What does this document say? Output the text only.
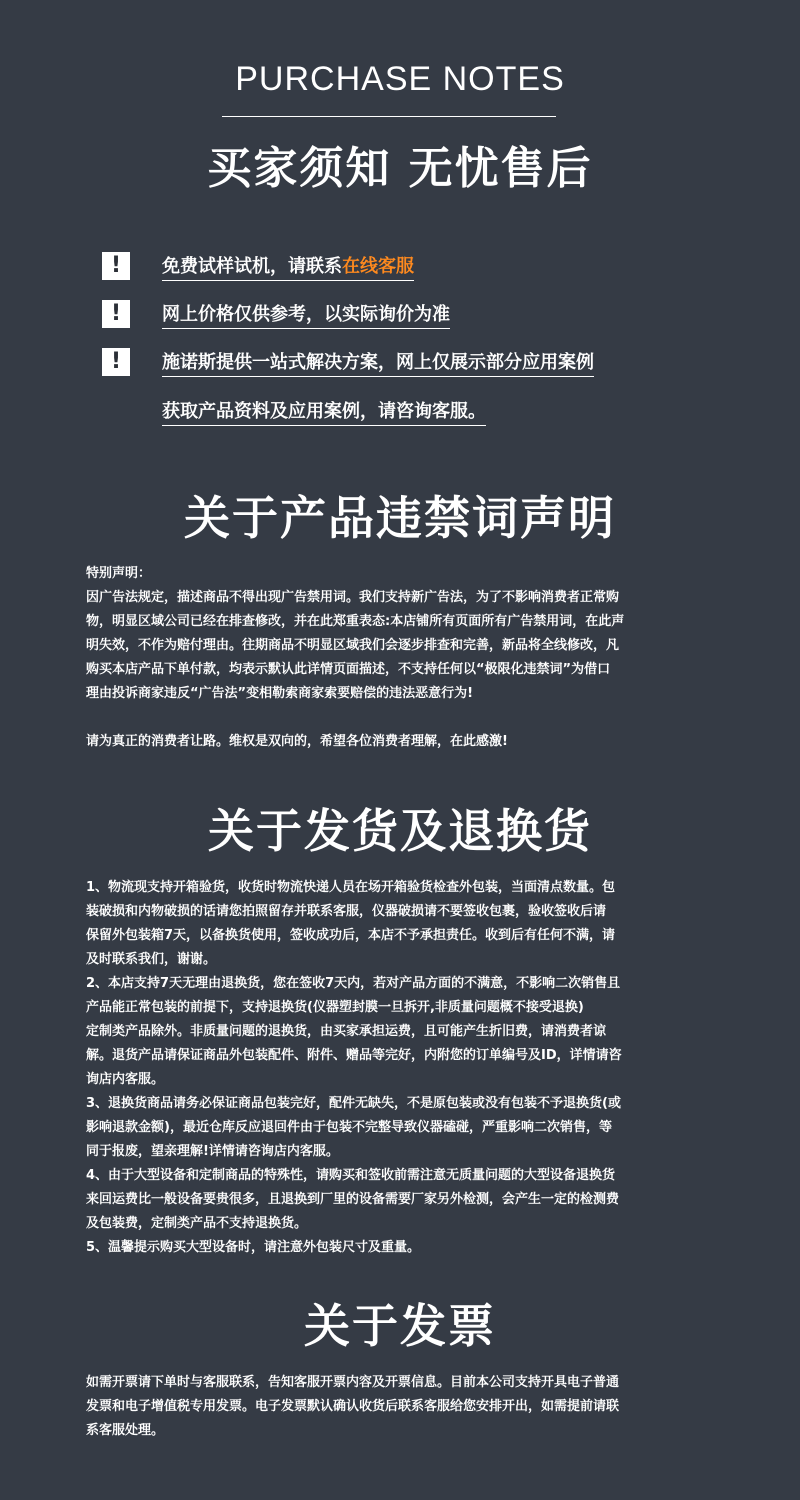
PURCHASE NOTES
买家须知 无忧售后
!	免费试样试机，请联系在线客服
!	网上价格仅供参考，以实际询价为准
!	施诺斯提供一站式解决方案，网上仅展示部分应用案例
获取产品资料及应用案例，请咨询客服。
关于产品违禁词声明

特别声明：

因广告法规定，描述商品不得出现广告禁用词。我们支持新广告法，为了不影响消费者正常购

物，明显区域公司已经在排查修改，并在此郑重表态:本店铺所有页面所有广告禁用词，在此声

明失效，不作为赔付理由。往期商品不明显区域我们会逐步排查和完善，新品将全线修改，凡

购买本店产品下单付款，均表示默认此详情页面描述，不支持任何以“极限化违禁词”为借口

理由投诉商家违反“广告法”变相勒索商家索要赔偿的违法恶意行为!

请为真正的消费者让路。维权是双向的，希望各位消费者理解，在此感激!
关于发货及退换货

1、物流现支持开箱验货，收货时物流快递人员在场开箱验货检查外包装，当面清点数量。包

装破损和内物破损的话请您拍照留存并联系客服，仪器破损请不要签收包裹，验收签收后请

保留外包装箱7天，以备换货使用，签收成功后，本店不予承担责任。收到后有任何不满，请

及时联系我们，谢谢。

2、本店支持7天无理由退换货，您在签收7天内，若对产品方面的不满意，不影响二次销售且

产品能正常包装的前提下，支持退换货(仪器塑封膜一旦拆开,非质量问题概不接受退换)

定制类产品除外。非质量问题的退换货，由买家承担运费，且可能产生折旧费，请消费者谅

解。退货产品请保证商品外包装配件、附件、赠品等完好，内附您的订单编号及ID，详情请咨

询店内客服。

3、退换货商品请务必保证商品包装完好，配件无缺失，不是原包装或没有包装不予退换货(或

影响退款金额)，最近仓库反应退回件由于包装不完整导致仪器磕碰，严重影响二次销售，等

同于报废，望亲理解!详情请咨询店内客服。

4、由于大型设备和定制商品的特殊性，请购买和签收前需注意无质量问题的大型设备退换货

来回运费比一般设备要贵很多，且退换到厂里的设备需要厂家另外检测，会产生一定的检测费

及包装费，定制类产品不支持退换货。

5、温馨提示购买大型设备时，请注意外包装尺寸及重量。

关于发票

如需开票请下单时与客服联系，告知客服开票内容及开票信息。目前本公司支持开具电子普通

发票和电子增值税专用发票。电子发票默认确认收货后联系客服给您安排开出，如需提前请联

系客服处理。
